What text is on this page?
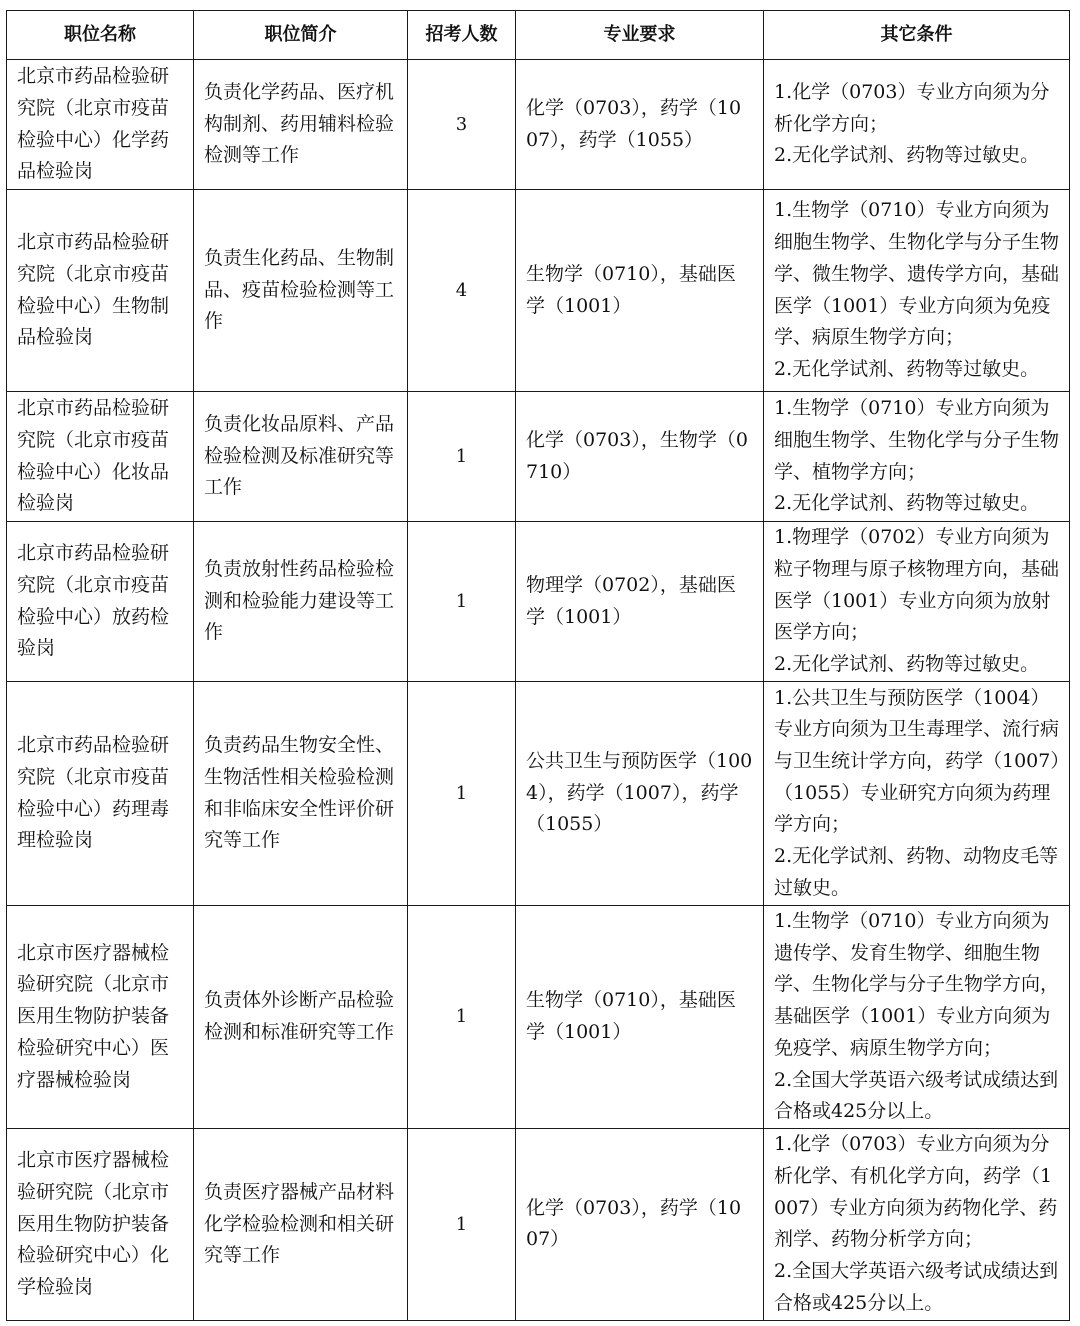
职位名称	职位简介	招考人数	专业要求	其它条件
北京市药品检验研究院（北京市疫苗检验中心）化学药品检验岗	负责化学药品、医疗机构制剂、药用辅料检验检测等工作	3	化学（0703），药学（1007），药学（1055）	1.化学（0703）专业方向须为分析化学方向；

2.无化学试剂、药物等过敏史。

北京市药品检验研究院（北京市疫苗检验中心）生物制品检验岗	负责生化药品、生物制品、疫苗检验检测等工作	4	生物学（0710），基础医学（1001）	1.生物学（0710）专业方向须为细胞生物学、生物化学与分子生物学、微生物学、遗传学方向，基础医学（1001）专业方向须为免疫学、病原生物学方向；

2.无化学试剂、药物等过敏史。

北京市药品检验研究院（北京市疫苗检验中心）化妆品检验岗	负责化妆品原料、产品检验检测及标准研究等工作	1	化学（0703），生物学（0710）	1.生物学（0710）专业方向须为细胞生物学、生物化学与分子生物学、植物学方向；

2.无化学试剂、药物等过敏史。

北京市药品检验研究院（北京市疫苗检验中心）放药检验岗	负责放射性药品检验检测和检验能力建设等工作	1	物理学（0702），基础医学（1001）	1.物理学（0702）专业方向须为粒子物理与原子核物理方向，基础医学（1001）专业方向须为放射医学方向；

2.无化学试剂、药物等过敏史。

北京市药品检验研究院（北京市疫苗检验中心）药理毒理检验岗	负责药品生物安全性、生物活性相关检验检测和非临床安全性评价研究等工作	1	公共卫生与预防医学（1004），药学（1007），药学（1055）	1.公共卫生与预防医学（1004）专业方向须为卫生毒理学、流行病与卫生统计学方向，药学（1007）（1055）专业研究方向须为药理学方向；

2.无化学试剂、药物、动物皮毛等过敏史。

北京市医疗器械检验研究院（北京市医用生物防护装备检验研究中心）医疗器械检验岗	负责体外诊断产品检验检测和标准研究等工作	1	生物学（0710），基础医学（1001）	1.生物学（0710）专业方向须为遗传学、发育生物学、细胞生物学、生物化学与分子生物学方向，基础医学（1001）专业方向须为免疫学、病原生物学方向；

2.全国大学英语六级考试成绩达到合格或425分以上。

北京市医疗器械检验研究院（北京市医用生物防护装备检验研究中心）化学检验岗	负责医疗器械产品材料化学检验检测和相关研究等工作	1	化学（0703），药学（1007）	1.化学（0703）专业方向须为分析化学、有机化学方向，药学（1007）专业方向须为药物化学、药剂学、药物分析学方向；

2.全国大学英语六级考试成绩达到合格或425分以上。
